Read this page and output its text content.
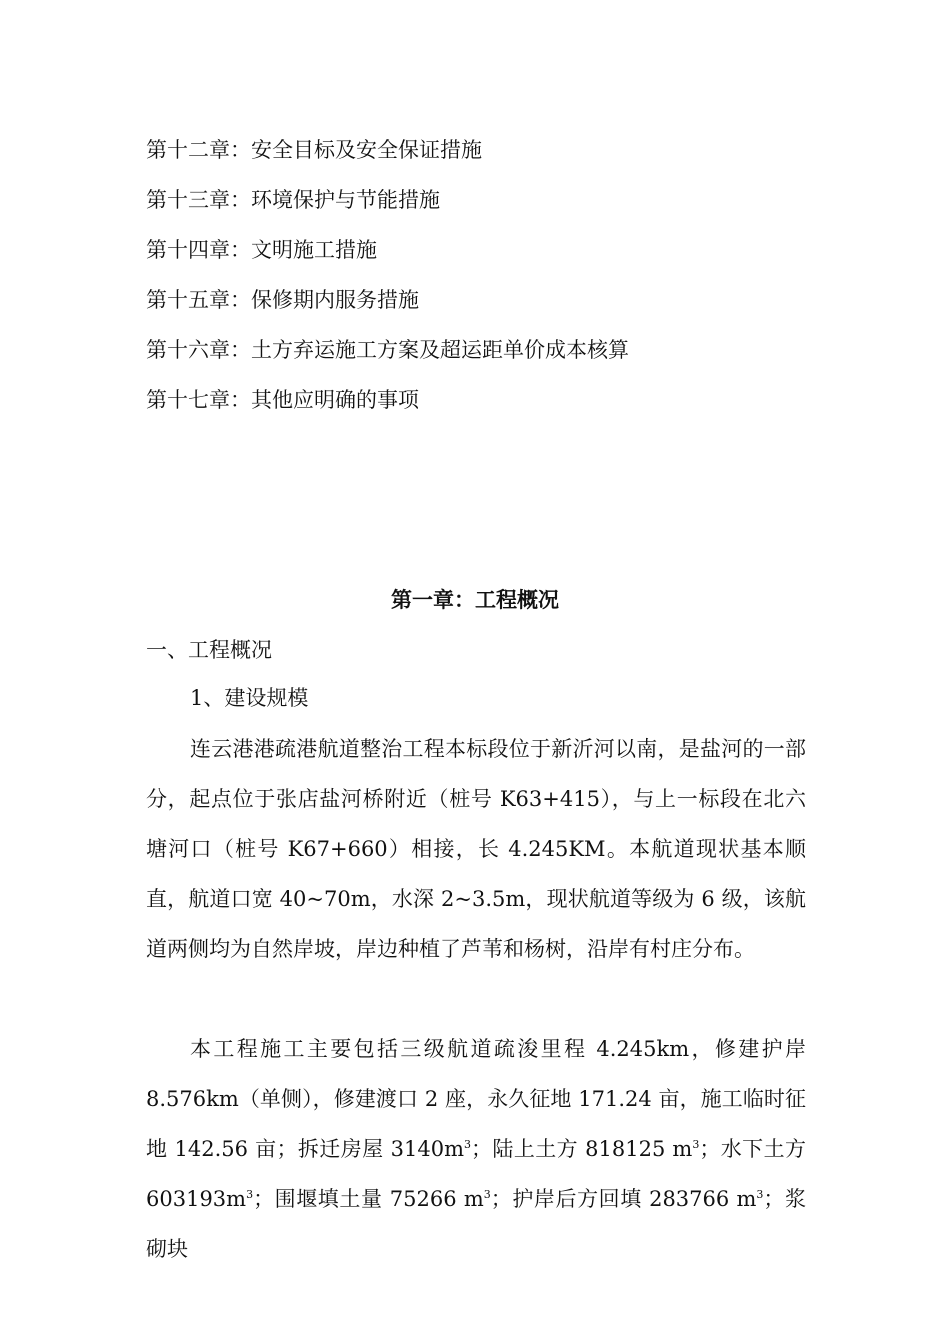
第十二章：安全目标及安全保证措施
第十三章：环境保护与节能措施
第十四章：文明施工措施
第十五章：保修期内服务措施
第十六章：土方弃运施工方案及超运距单价成本核算
第十七章：其他应明确的事项
第一章：工程概况
一、工程概况
1、建设规模
连云港港疏港航道整治工程本标段位于新沂河以南，是盐河的一部分，起点位于张店盐河桥附近（桩号 K63+415），与上一标段在北六塘河口（桩号 K67+660）相接，长 4.245KM。本航道现状基本顺直，航道口宽 40~70m，水深 2~3.5m，现状航道等级为 6 级，该航道两侧均为自然岸坡，岸边种植了芦苇和杨树，沿岸有村庄分布。
本工程施工主要包括三级航道疏浚里程 4.245km，修建护岸 8.576km（单侧），修建渡口 2 座，永久征地 171.24 亩，施工临时征地 142.56 亩；拆迁房屋 $3140m^3$；陆上土方 818125 $m^3$；水下土方 $603193m^3$；围堰填土量 75266 $m^3$；护岸后方回填 283766 $m^3$；浆砌块
